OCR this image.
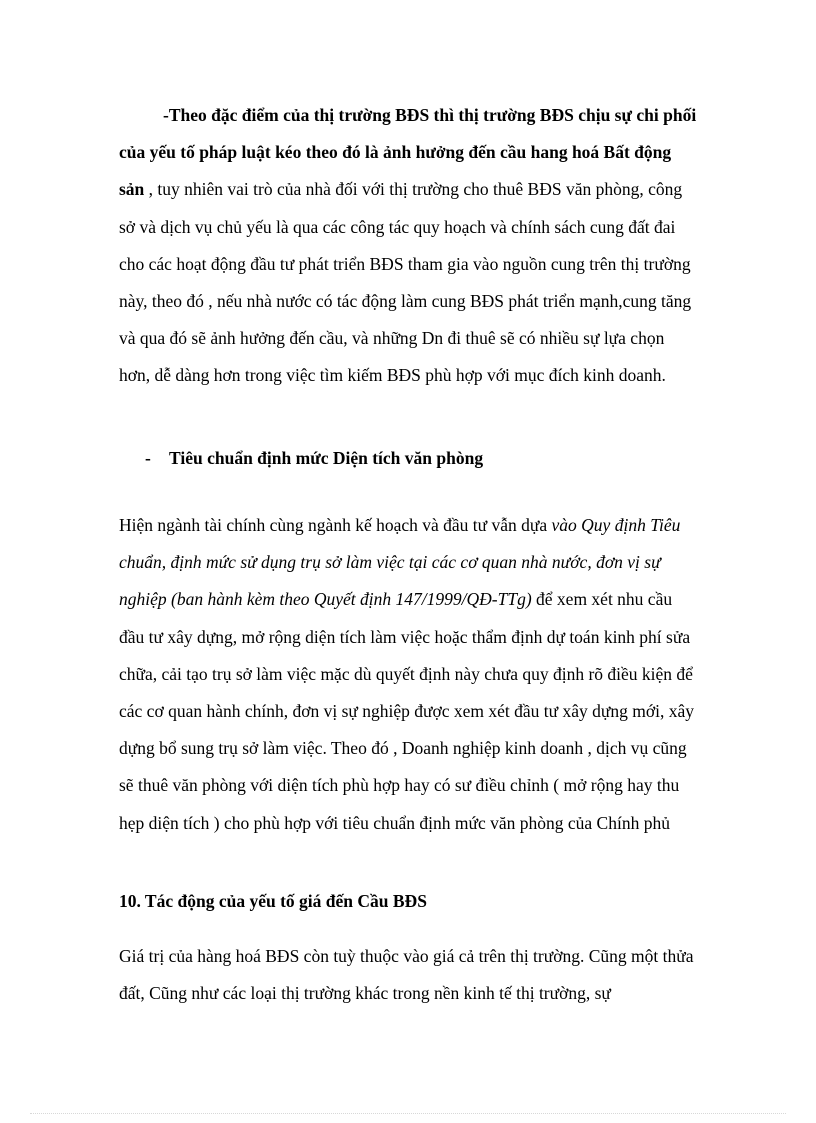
-Theo đặc điểm của thị trường BĐS thì thị trường BĐS chịu sự chi phối của yếu tố pháp luật kéo theo đó là ảnh hưởng đến cầu hang hoá Bất động sản , tuy nhiên vai trò của nhà đối với thị trường cho thuê BĐS văn phòng, công sở và dịch vụ chủ yếu là qua các công tác quy hoạch và chính sách cung đất đai cho các hoạt động đầu tư phát triển BĐS tham gia vào nguồn cung trên thị trường này, theo đó , nếu nhà nước có tác động làm cung BĐS phát triển mạnh,cung tăng và qua đó sẽ ảnh hưởng đến cầu, và những Dn đi thuê sẽ có nhiều sự lựa chọn hơn, dễ dàng hơn trong việc tìm kiếm BĐS phù hợp với mục đích kinh doanh.

- Tiêu chuẩn định mức Diện tích văn phòng

Hiện ngành tài chính cùng ngành kế hoạch và đầu tư vẫn dựa vào Quy định Tiêu chuẩn, định mức sử dụng trụ sở làm việc tại các cơ quan nhà nước, đơn vị sự nghiệp (ban hành kèm theo Quyết định 147/1999/QĐ-TTg) để xem xét nhu cầu đầu tư xây dựng, mở rộng diện tích làm việc hoặc thẩm định dự toán kinh phí sửa chữa, cải tạo trụ sở làm việc mặc dù quyết định này chưa quy định rõ điều kiện để các cơ quan hành chính, đơn vị sự nghiệp được xem xét đầu tư xây dựng mới, xây dựng bổ sung trụ sở làm việc. Theo đó , Doanh nghiệp kinh doanh , dịch vụ cũng sẽ thuê văn phòng với diện tích phù hợp hay có sư điều chỉnh ( mở rộng hay thu hẹp diện tích ) cho phù hợp với tiêu chuẩn định mức văn phòng của Chính phủ

10. Tác động của yếu tố giá đến Cầu BĐS

Giá trị của hàng hoá BĐS còn tuỳ thuộc vào giá cả trên thị trường. Cũng một thửa đất, Cũng như các loại thị trường khác trong nền kinh tế thị trường, sự
